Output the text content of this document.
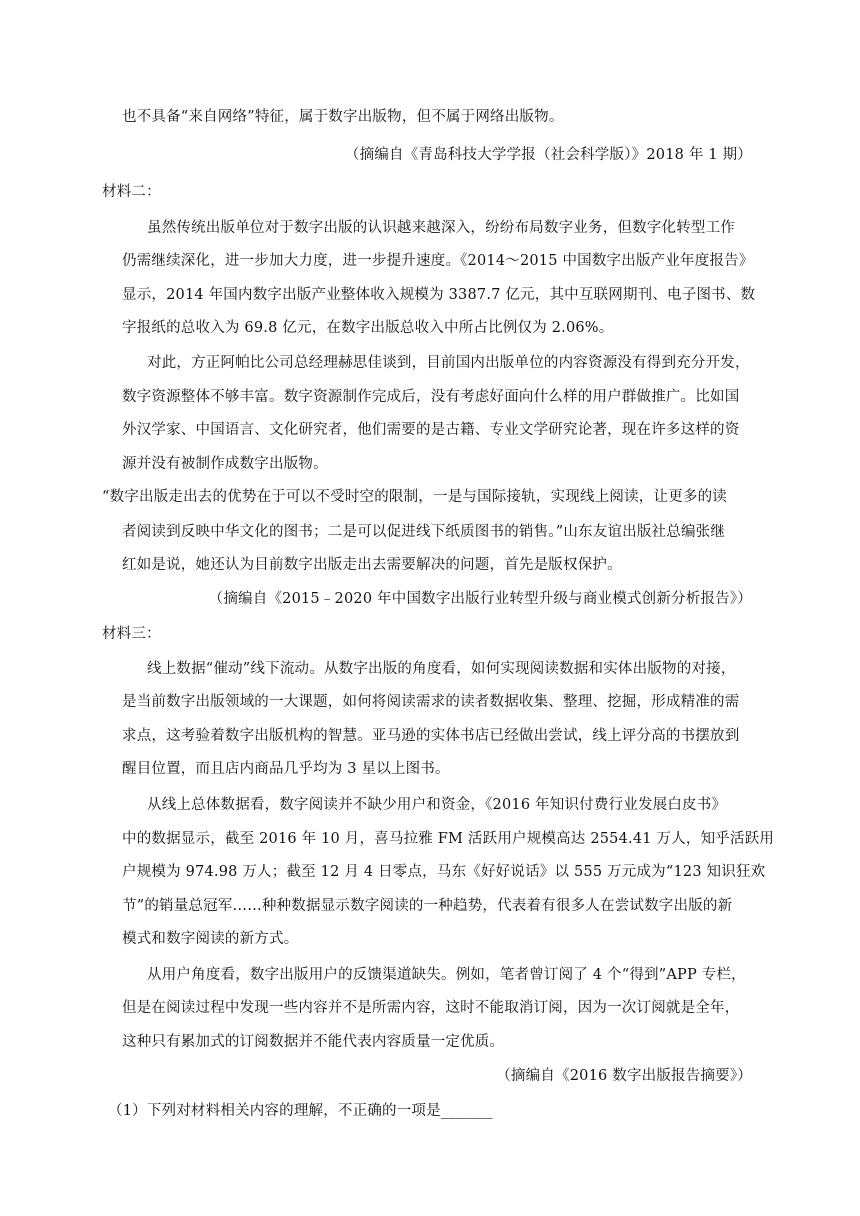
也不具备“来自网络”特征，属于数字出版物，但不属于网络出版物。
（摘编自《青岛科技大学学报（社会科学版）》2018 年 1 期）
材料二：
虽然传统出版单位对于数字出版的认识越来越深入，纷纷布局数字业务，但数字化转型工作
仍需继续深化，进一步加大力度，进一步提升速度。《2014～2015 中国数字出版产业年度报告》
显示，2014 年国内数字出版产业整体收入规模为 3387.7 亿元，其中互联网期刊、电子图书、数
字报纸的总收入为 69.8 亿元，在数字出版总收入中所占比例仅为 2.06%。
对此，方正阿帕比公司总经理赫思佳谈到，目前国内出版单位的内容资源没有得到充分开发，
数字资源整体不够丰富。数字资源制作完成后，没有考虑好面向什么样的用户群做推广。比如国
外汉学家、中国语言、文化研究者，他们需要的是古籍、专业文学研究论著，现在许多这样的资
源并没有被制作成数字出版物。
“数字出版走出去的优势在于可以不受时空的限制，一是与国际接轨，实现线上阅读，让更多的读
者阅读到反映中华文化的图书；二是可以促进线下纸质图书的销售。”山东友谊出版社总编张继
红如是说，她还认为目前数字出版走出去需要解决的问题，首先是版权保护。
（摘编自《2015﹣2020 年中国数字出版行业转型升级与商业模式创新分析报告》）
材料三：
线上数据“催动”线下流动。从数字出版的角度看，如何实现阅读数据和实体出版物的对接，
是当前数字出版领域的一大课题，如何将阅读需求的读者数据收集、整理、挖掘，形成精准的需
求点，这考验着数字出版机构的智慧。亚马逊的实体书店已经做出尝试，线上评分高的书摆放到
醒目位置，而且店内商品几乎均为 3 星以上图书。
从线上总体数据看，数字阅读并不缺少用户和资金，《2016 年知识付费行业发展白皮书》
中的数据显示，截至 2016 年 10 月，喜马拉雅 FM 活跃用户规模高达 2554.41 万人，知乎活跃用
户规模为 974.98 万人；截至 12 月 4 日零点，马东《好好说话》以 555 万元成为“123 知识狂欢
节”的销量总冠军……种种数据显示数字阅读的一种趋势，代表着有很多人在尝试数字出版的新
模式和数字阅读的新方式。
从用户角度看，数字出版用户的反馈渠道缺失。例如，笔者曾订阅了 4 个“得到”APP 专栏，
但是在阅读过程中发现一些内容并不是所需内容，这时不能取消订阅，因为一次订阅就是全年，
这种只有累加式的订阅数据并不能代表内容质量一定优质。
（摘编自《2016 数字出版报告摘要》）
（1）下列对材料相关内容的理解，不正确的一项是_______
